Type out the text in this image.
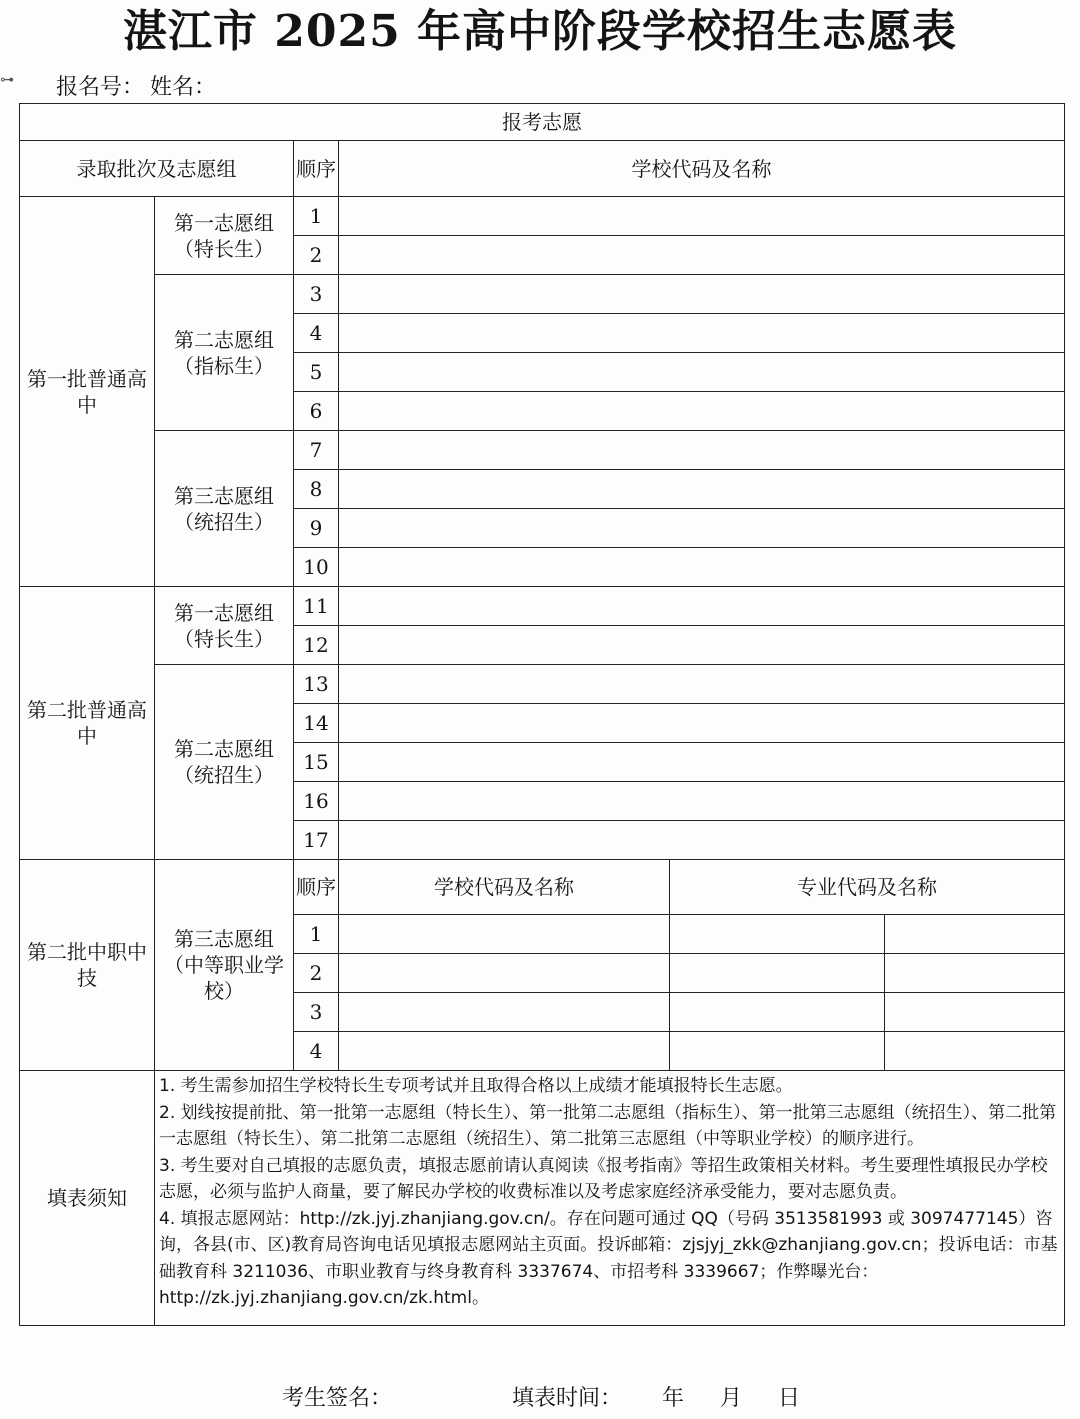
湛江市 2025 年高中阶段学校招生志愿表
⊶ 报名号： 姓名：
报考志愿					
录取批次及志愿组		顺序	学校代码及名称		
第一批普通高中	第一志愿组（特长生）	1			
		2			
	第二志愿组（指标生）	3			
		4			
		5			
		6			
	第三志愿组（统招生）	7			
		8			
		9			
		10			
第二批普通高中	第一志愿组（特长生）	11			
		12			
	第二志愿组（统招生）	13			
		14			
		15			
		16			
		17			
第二批中职中技	第三志愿组（中等职业学校）	顺序	学校代码及名称	专业代码及名称	
		1			
		2			
		3			
		4			
填表须知	1. 考生需参加招生学校特长生专项考试并且取得合格以上成绩才能填报特长生志愿。

2. 划线按提前批、第一批第一志愿组（特长生）、第一批第二志愿组（指标生）、第一批第三志愿组（统招生）、第二批第一志愿组（特长生）、第二批第二志愿组（统招生）、第二批第三志愿组（中等职业学校）的顺序进行。

3. 考生要对自己填报的志愿负责，填报志愿前请认真阅读《报考指南》等招生政策相关材料。考生要理性填报民办学校志愿，必须与监护人商量，要了解民办学校的收费标准以及考虑家庭经济承受能力，要对志愿负责。

4. 填报志愿网站：http://zk.jyj.zhanjiang.gov.cn/。存在问题可通过 QQ（号码 3513581993 或 3097477145）咨询，各县(市、区)教育局咨询电话见填报志愿网站主页面。投诉邮箱：zjsjyj_zkk@zhanjiang.gov.cn；投诉电话：市基础教育科 3211036、市职业教育与终身教育科 3337674、市招考科 3339667；作弊曝光台：http://zk.jyj.zhanjiang.gov.cn/zk.html。				

考生签名：	填表时间： 年 月 日
